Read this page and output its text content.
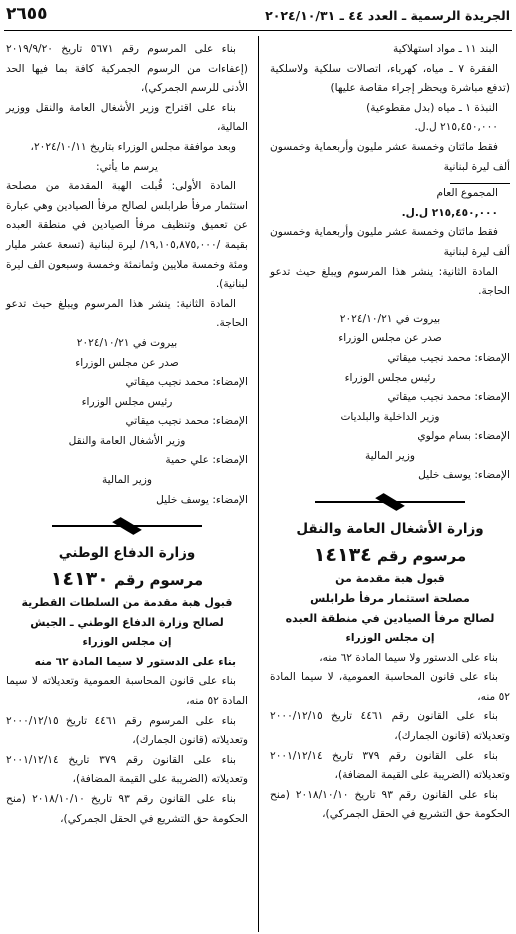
الجريدة الرسمية ـ العدد ٤٤ ـ ٢٠٢٤/١٠/٣١
٢٦٥٥

البند ١١ ـ مواد استهلاكية

الفقرة ٧ ـ مياه، كهرباء، اتصالات سلكية ولاسلكية (تدفع مباشرة ويحظر إجراء مقاصة عليها)

النبذة ١ ـ مياه (بدل مقطوعية)

٢١٥,٤٥٠,٠٠٠ ل.ل.

فقط مائتان وخمسة عشر مليون وأربعماية وخمسون ألف ليرة لبنانية

المجموع العام

٢١٥,٤٥٠,٠٠٠ ل.ل.

فقط مائتان وخمسة عشر مليون وأربعماية وخمسون ألف ليرة لبنانية

المادة الثانية: ينشر هذا المرسوم ويبلغ حيث تدعو الحاجة.

بيروت في ٢٠٢٤/١٠/٢١

صدر عن مجلس الوزراء

الإمضاء: محمد نجيب ميقاتي

رئيس مجلس الوزراء

الإمضاء: محمد نجيب ميقاتي

وزير الداخلية والبلديات

الإمضاء: بسام مولوي

وزير المالية

الإمضاء: يوسف خليل

وزارة الأشغال العامة والنقل

مرسوم رقم ١٤١٣٤

قبول هبة مقدمة من

مصلحة استثمار مرفأ طرابلس

لصالح مرفأ الصيادين في منطقة العبده

إن مجلس الوزراء

بناء على الدستور ولا سيما المادة ٦٢ منه،

بناء على قانون المحاسبة العمومية، لا سيما المادة ٥٢ منه،

بناء على القانون رقم ٤٤٦١ تاريخ ٢٠٠٠/١٢/١٥ وتعديلاته (قانون الجمارك)،

بناء على القانون رقم ٣٧٩ تاريخ ٢٠٠١/١٢/١٤ وتعديلاته (الضريبة على القيمة المضافة)،

بناء على القانون رقم ٩٣ تاريخ ٢٠١٨/١٠/١٠ (منح الحكومة حق التشريع في الحقل الجمركي)،

بناء على المرسوم رقم ٥٦٧١ تاريخ ٢٠١٩/٩/٢٠ (إعفاءات من الرسوم الجمركية كافة بما فيها الحد الأدنى للرسم الجمركي)،

بناء على اقتراح وزير الأشغال العامة والنقل ووزير المالية،

وبعد موافقة مجلس الوزراء بتاريخ ٢٠٢٤/١٠/١١،

يرسم ما يأتي:

المادة الأولى: قُبلت الهبة المقدمة من مصلحة استثمار مرفأ طرابلس لصالح مرفأ الصيادين وهي عبارة عن تعميق وتنظيف مرفأ الصيادين في منطقة العبده بقيمة /١٩,١٠٥,٨٧٥,٠٠٠/ ليرة لبنانية (تسعة عشر مليار ومئة وخمسة ملايين وثمانمئة وخمسة وسبعون الف ليرة لبنانية).

المادة الثانية: ينشر هذا المرسوم ويبلغ حيث تدعو الحاجة.

بيروت في ٢٠٢٤/١٠/٢١

صدر عن مجلس الوزراء

الإمضاء: محمد نجيب ميقاتي

رئيس مجلس الوزراء

الإمضاء: محمد نجيب ميقاتي

وزير الأشغال العامة والنقل

الإمضاء: علي حمية

وزير المالية

الإمضاء: يوسف خليل

وزارة الدفاع الوطني

مرسوم رقم ١٤١٣٠

قبول هبة مقدمة من السلطات القطرية

لصالح وزارة الدفاع الوطني ـ الجيش

إن مجلس الوزراء

بناء على الدستور لا سيما المادة ٦٢ منه

بناء على قانون المحاسبة العمومية وتعديلاته لا سيما المادة ٥٢ منه،

بناء على المرسوم رقم ٤٤٦١ تاريخ ٢٠٠٠/١٢/١٥ وتعديلاته (قانون الجمارك)،

بناء على القانون رقم ٣٧٩ تاريخ ٢٠٠١/١٢/١٤ وتعديلاته (الضريبة على القيمة المضافة)،

بناء على القانون رقم ٩٣ تاريخ ٢٠١٨/١٠/١٠ (منح الحكومة حق التشريع في الحقل الجمركي)،
